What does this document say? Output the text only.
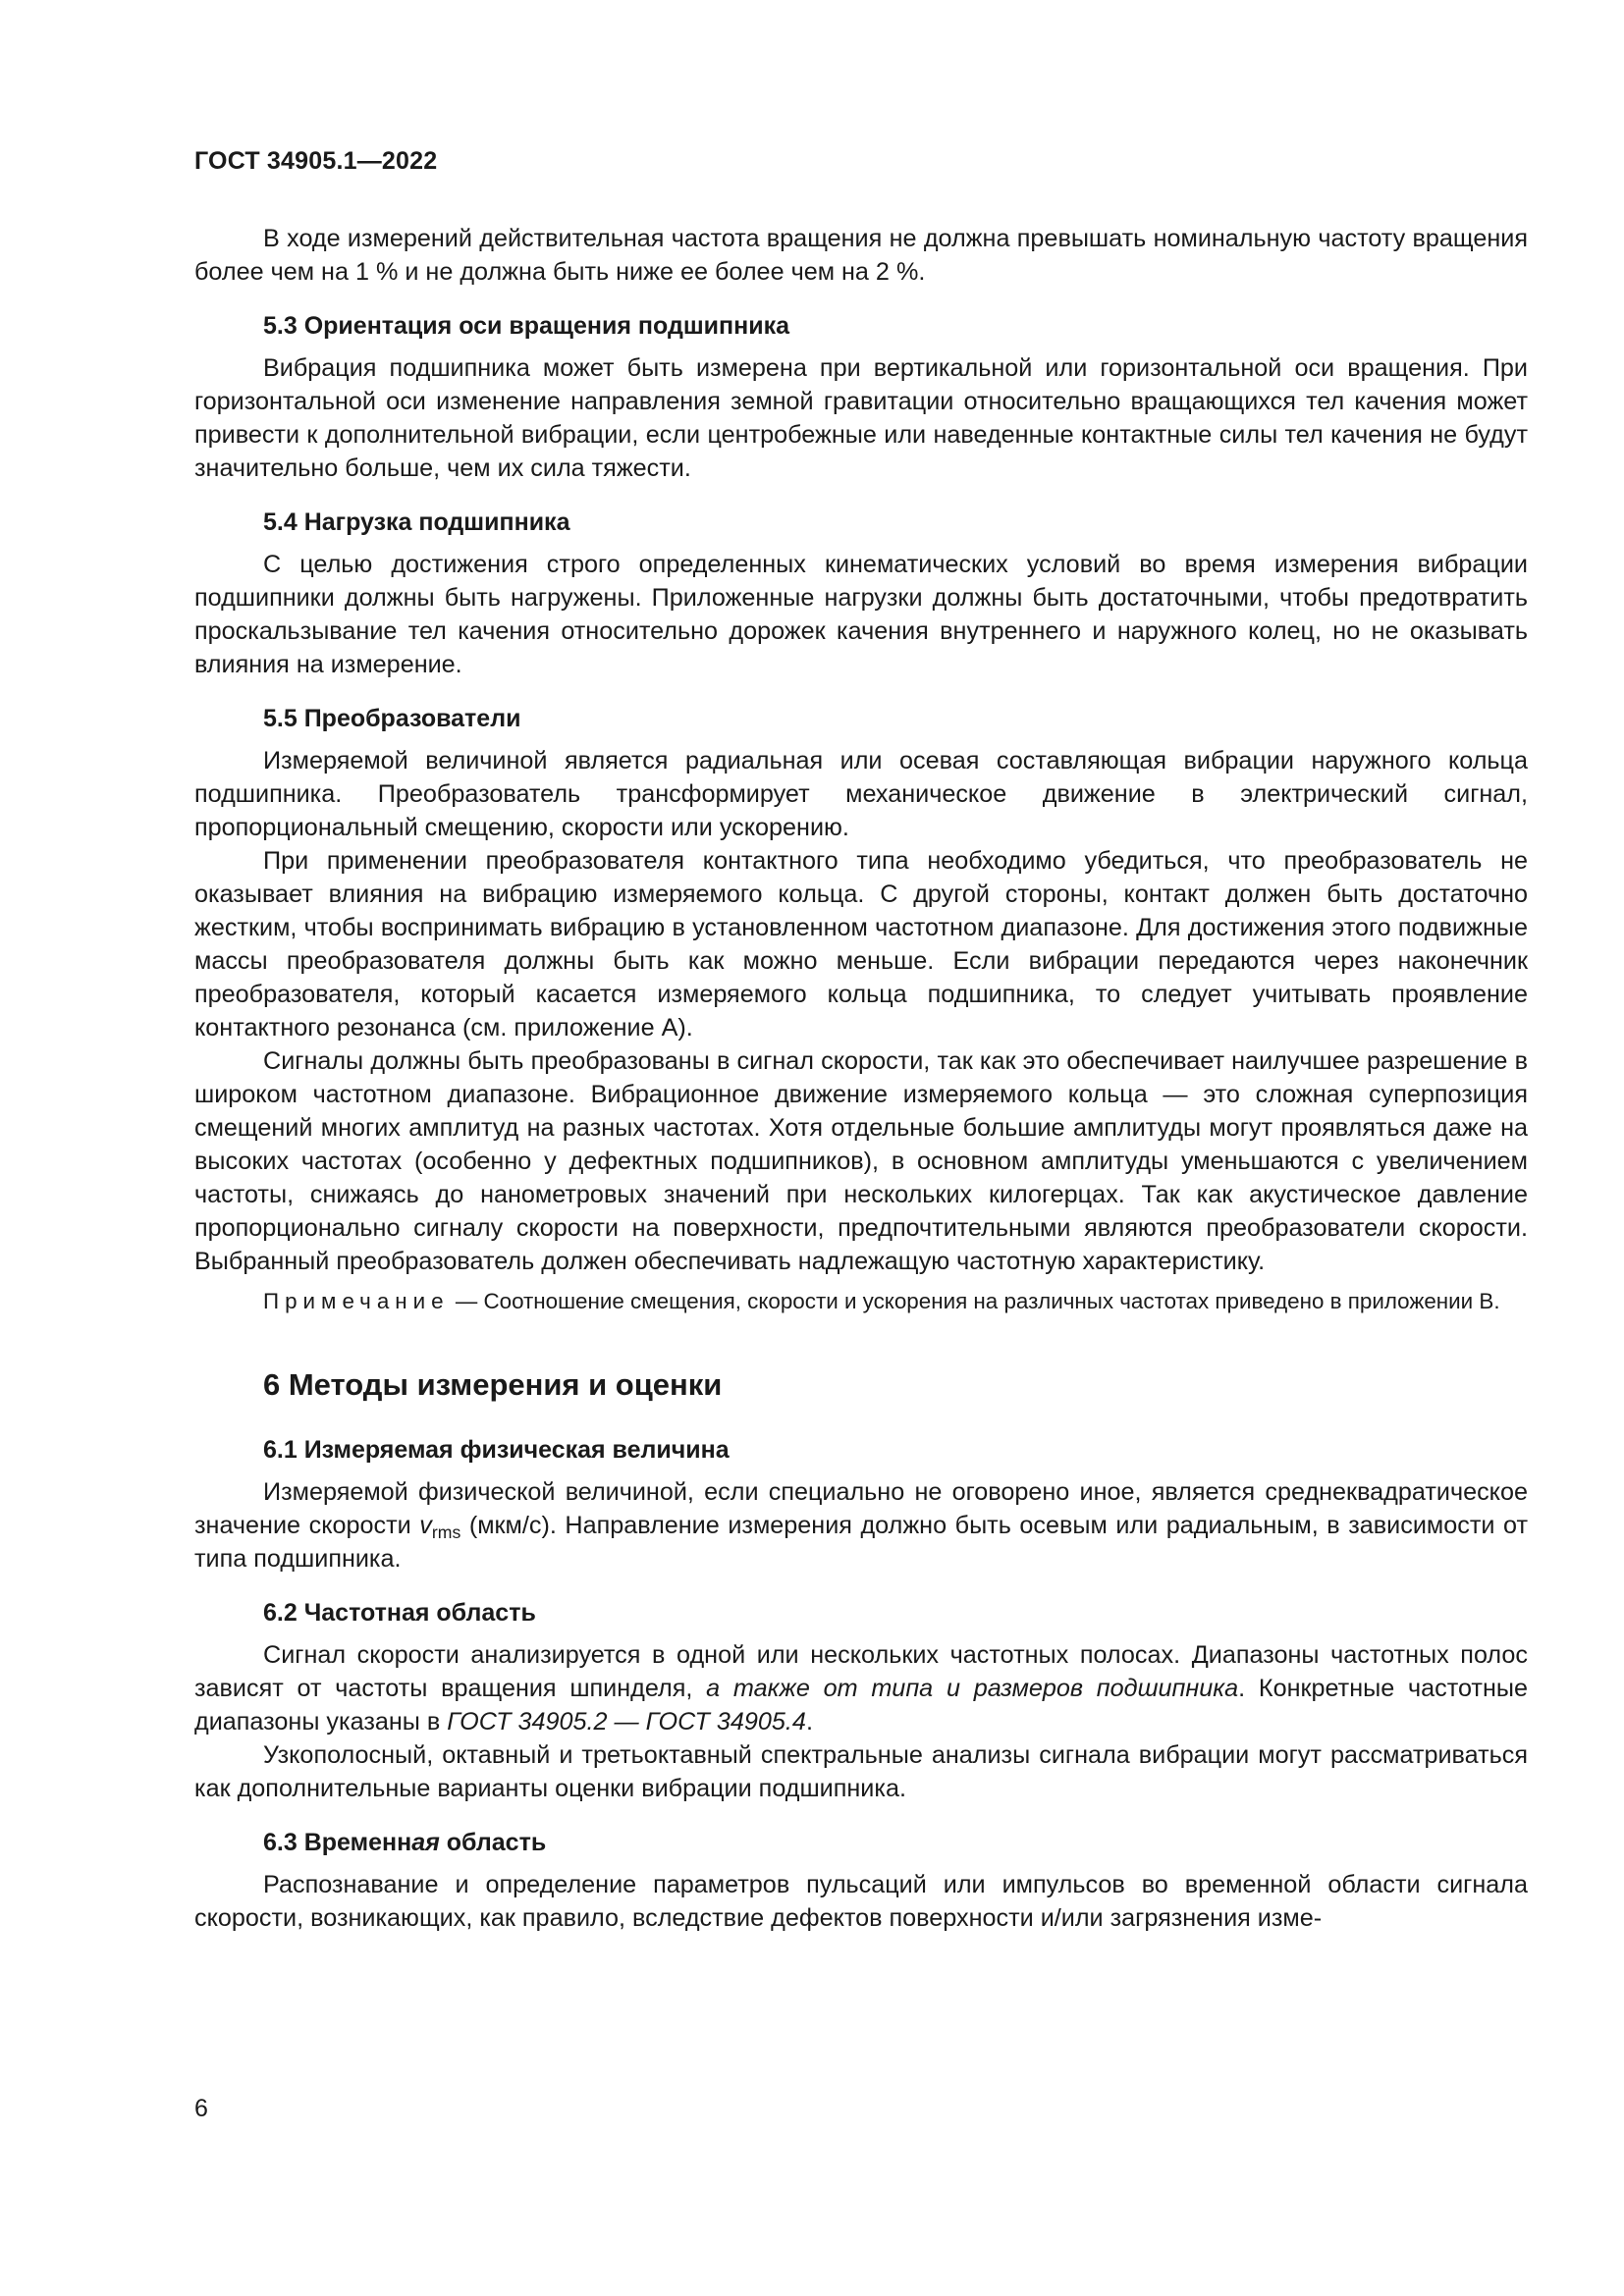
ГОСТ 34905.1—2022

В ходе измерений действительная частота вращения не должна превышать номинальную частоту вращения более чем на 1 % и не должна быть ниже ее более чем на 2 %.

5.3 Ориентация оси вращения подшипника

Вибрация подшипника может быть измерена при вертикальной или горизонтальной оси вращения. При горизонтальной оси изменение направления земной гравитации относительно вращающихся тел качения может привести к дополнительной вибрации, если центробежные или наведенные контактные силы тел качения не будут значительно больше, чем их сила тяжести.

5.4 Нагрузка подшипника

С целью достижения строго определенных кинематических условий во время измерения вибрации подшипники должны быть нагружены. Приложенные нагрузки должны быть достаточными, чтобы предотвратить проскальзывание тел качения относительно дорожек качения внутреннего и наружного колец, но не оказывать влияния на измерение.

5.5 Преобразователи

Измеряемой величиной является радиальная или осевая составляющая вибрации наружного кольца подшипника. Преобразователь трансформирует механическое движение в электрический сигнал, пропорциональный смещению, скорости или ускорению.

При применении преобразователя контактного типа необходимо убедиться, что преобразователь не оказывает влияния на вибрацию измеряемого кольца. С другой стороны, контакт должен быть достаточно жестким, чтобы воспринимать вибрацию в установленном частотном диапазоне. Для достижения этого подвижные массы преобразователя должны быть как можно меньше. Если вибрации передаются через наконечник преобразователя, который касается измеряемого кольца подшипника, то следует учитывать проявление контактного резонанса (см. приложение А).

Сигналы должны быть преобразованы в сигнал скорости, так как это обеспечивает наилучшее разрешение в широком частотном диапазоне. Вибрационное движение измеряемого кольца — это сложная суперпозиция смещений многих амплитуд на разных частотах. Хотя отдельные большие амплитуды могут проявляться даже на высоких частотах (особенно у дефектных подшипников), в основном амплитуды уменьшаются с увеличением частоты, снижаясь до нанометровых значений при нескольких килогерцах. Так как акустическое давление пропорционально сигналу скорости на поверхности, предпочтительными являются преобразователи скорости. Выбранный преобразователь должен обеспечивать надлежащую частотную характеристику.

Примечание — Соотношение смещения, скорости и ускорения на различных частотах приведено в приложении В.
6 Методы измерения и оценки
6.1 Измеряемая физическая величина

Измеряемой физической величиной, если специально не оговорено иное, является среднеквадратическое значение скорости $v_{rms}$ (мкм/с). Направление измерения должно быть осевым или радиальным, в зависимости от типа подшипника.

6.2 Частотная область

Сигнал скорости анализируется в одной или нескольких частотных полосах. Диапазоны частотных полос зависят от частоты вращения шпинделя, а также от типа и размеров подшипника. Конкретные частотные диапазоны указаны в ГОСТ 34905.2 — ГОСТ 34905.4.

Узкополосный, октавный и третьоктавный спектральные анализы сигнала вибрации могут рассматриваться как дополнительные варианты оценки вибрации подшипника.

6.3 Временная область

Распознавание и определение параметров пульсаций или импульсов во временной области сигнала скорости, возникающих, как правило, вследствие дефектов поверхности и/или загрязнения изме-

6
